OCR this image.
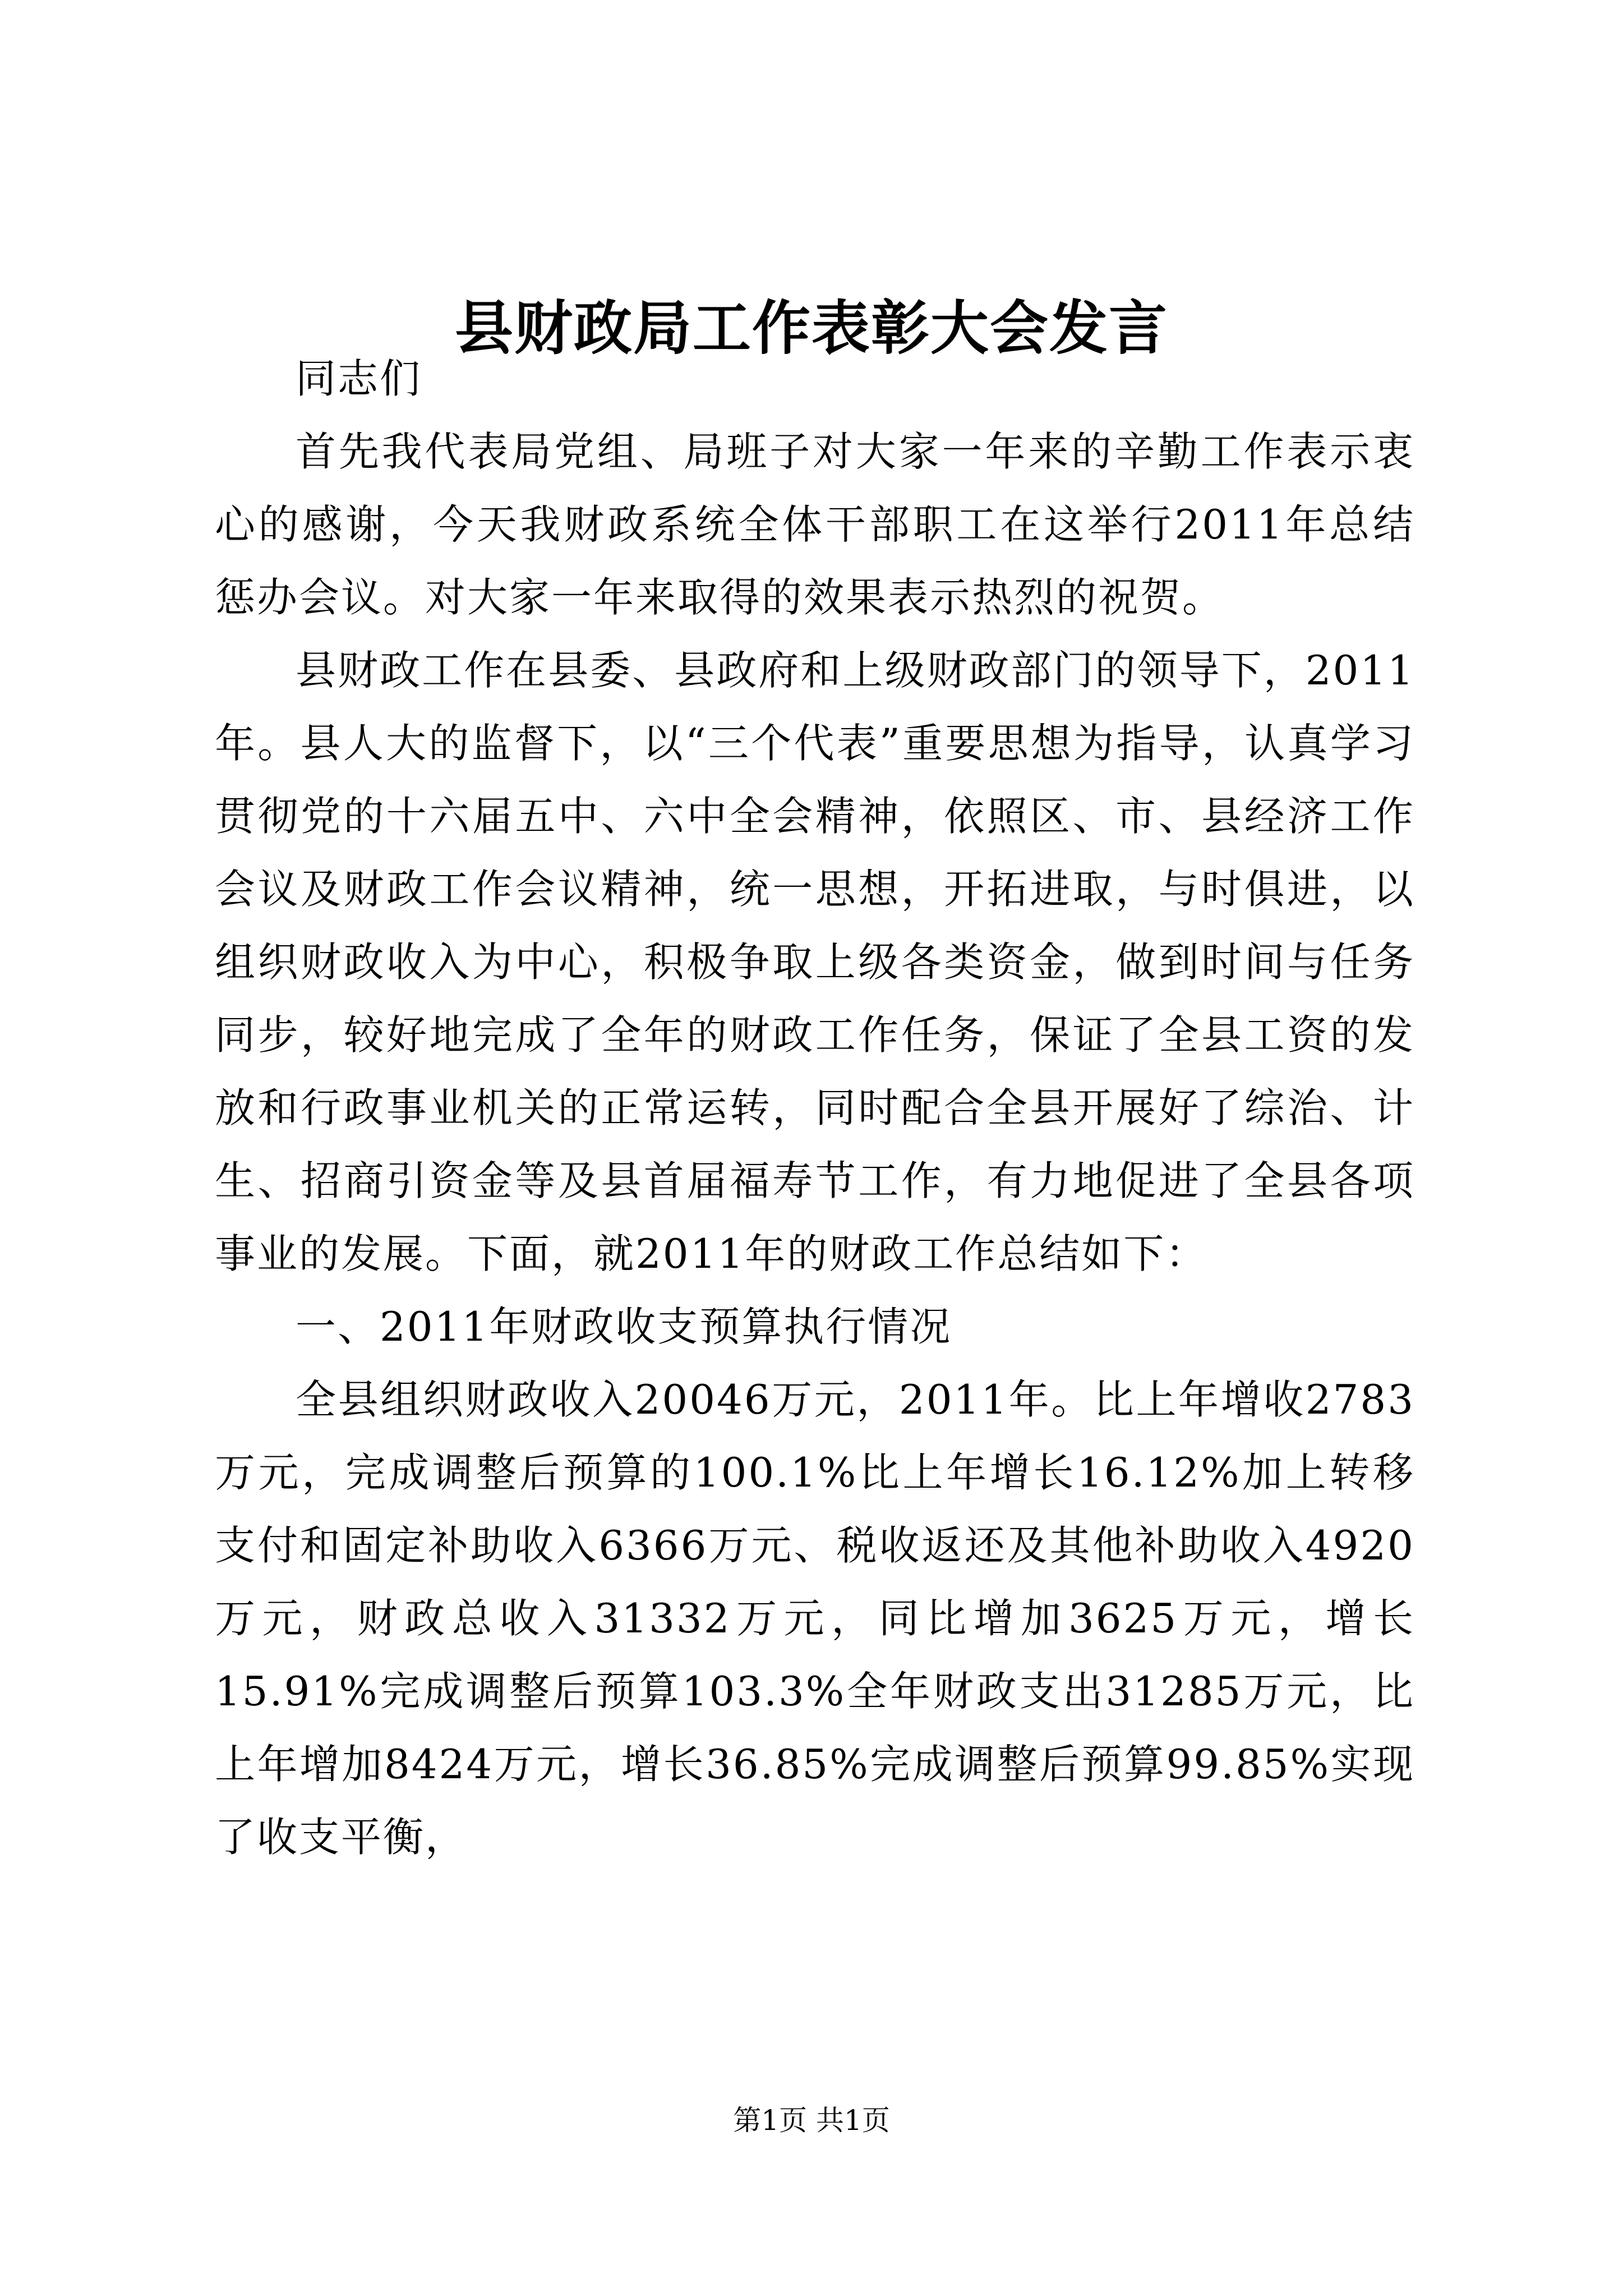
县财政局工作表彰大会发言

同志们

首先我代表局党组、局班子对大家一年来的辛勤工作表示衷心的感谢，今天我财政系统全体干部职工在这举行2011年总结惩办会议。对大家一年来取得的效果表示热烈的祝贺。

县财政工作在县委、县政府和上级财政部门的领导下，2011年。县人大的监督下，以“三个代表”重要思想为指导，认真学习贯彻党的十六届五中、六中全会精神，依照区、市、县经济工作会议及财政工作会议精神，统一思想，开拓进取，与时俱进，以组织财政收入为中心，积极争取上级各类资金，做到时间与任务同步，较好地完成了全年的财政工作任务，保证了全县工资的发放和行政事业机关的正常运转，同时配合全县开展好了综治、计生、招商引资金等及县首届福寿节工作，有力地促进了全县各项事业的发展。下面，就2011年的财政工作总结如下：

一、2011年财政收支预算执行情况

全县组织财政收入20046万元，2011年。比上年增收2783万元，完成调整后预算的100.1%比上年增长16.12%加上转移支付和固定补助收入6366万元、税收返还及其他补助收入4920万元，财政总收入31332万元，同比增加3625万元，增长15.91%完成调整后预算103.3%全年财政支出31285万元，比上年增加8424万元，增长36.85%完成调整后预算99.85%实现了收支平衡，

第1页 共1页
